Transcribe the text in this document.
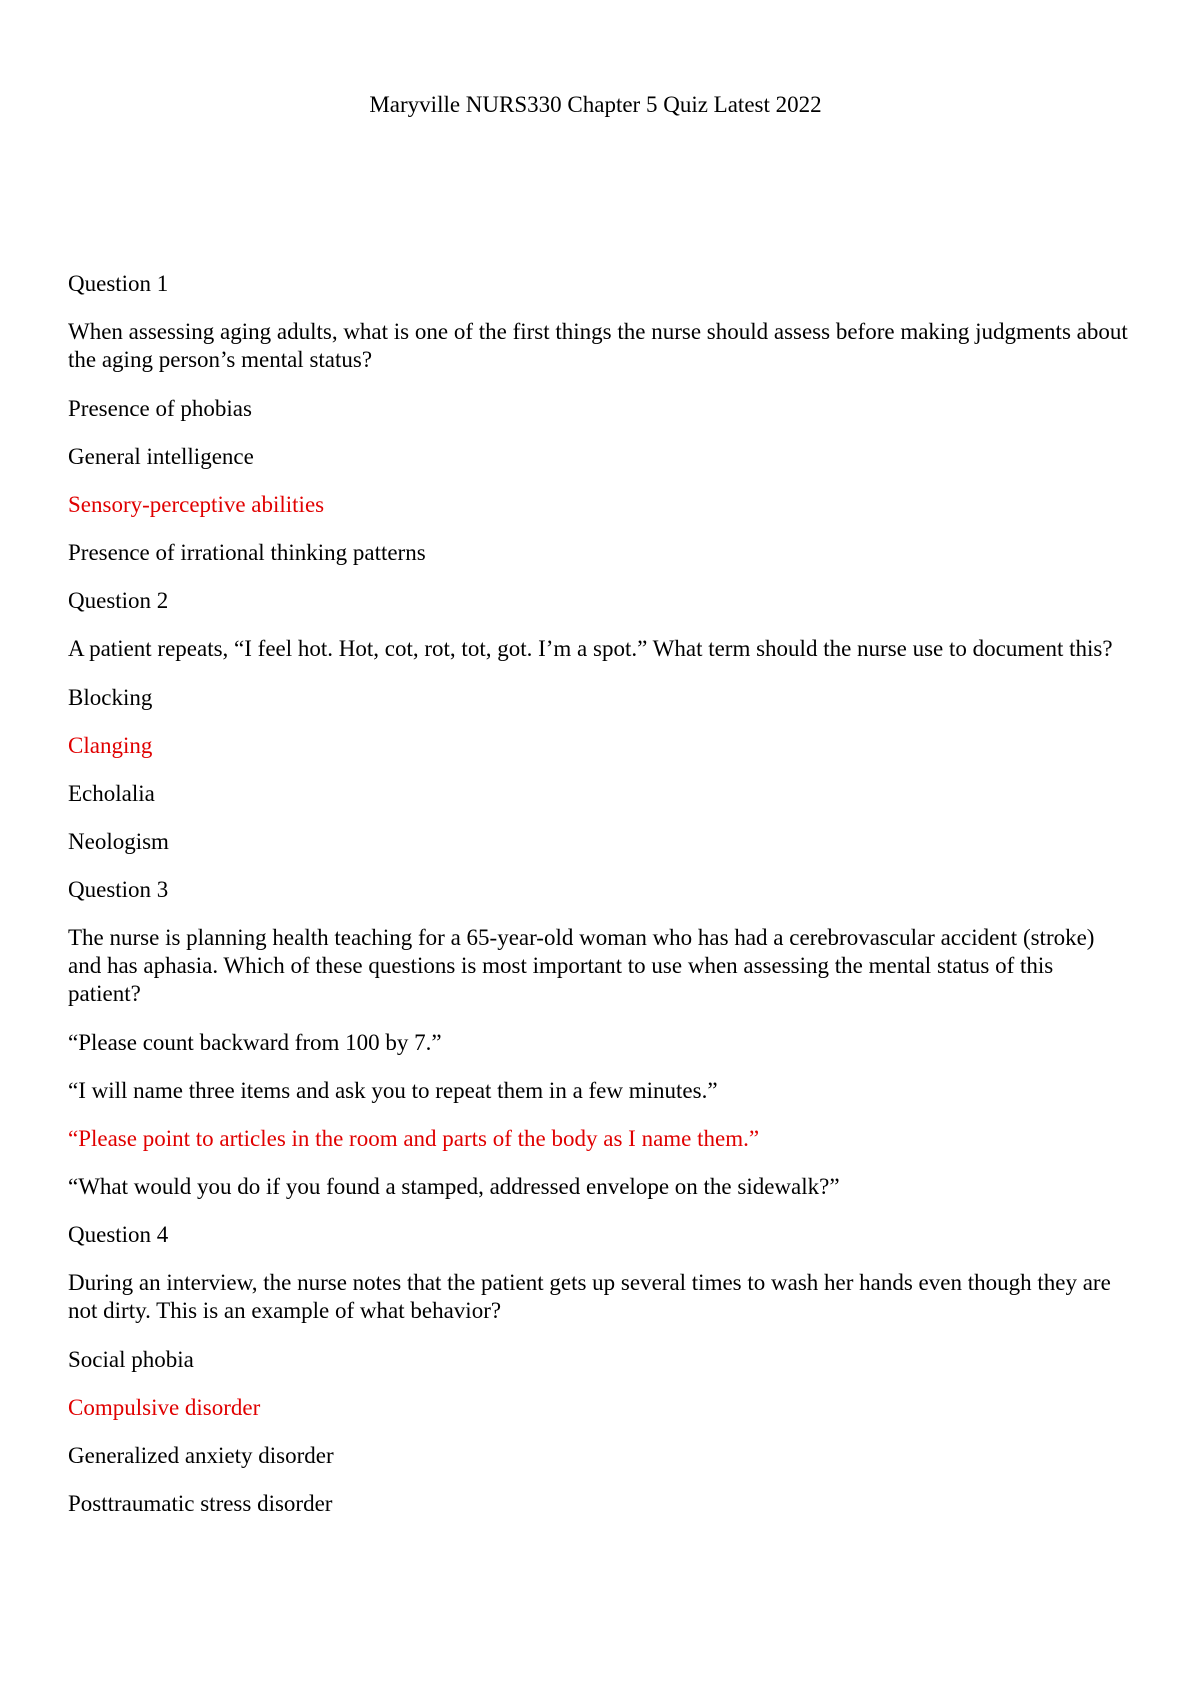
Maryville NURS330 Chapter 5 Quiz Latest 2022

Question 1

When assessing aging adults, what is one of the first things the nurse should assess before making judgments about the aging person’s mental status?

Presence of phobias

General intelligence

Sensory-perceptive abilities

Presence of irrational thinking patterns

Question 2

A patient repeats, “I feel hot. Hot, cot, rot, tot, got. I’m a spot.” What term should the nurse use to document this?

Blocking

Clanging

Echolalia

Neologism

Question 3

The nurse is planning health teaching for a 65-year-old woman who has had a cerebrovascular accident (stroke) and has aphasia. Which of these questions is most important to use when assessing the mental status of this patient?

“Please count backward from 100 by 7.”

“I will name three items and ask you to repeat them in a few minutes.”

“Please point to articles in the room and parts of the body as I name them.”

“What would you do if you found a stamped, addressed envelope on the sidewalk?”

Question 4

During an interview, the nurse notes that the patient gets up several times to wash her hands even though they are not dirty. This is an example of what behavior?

Social phobia

Compulsive disorder

Generalized anxiety disorder

Posttraumatic stress disorder
